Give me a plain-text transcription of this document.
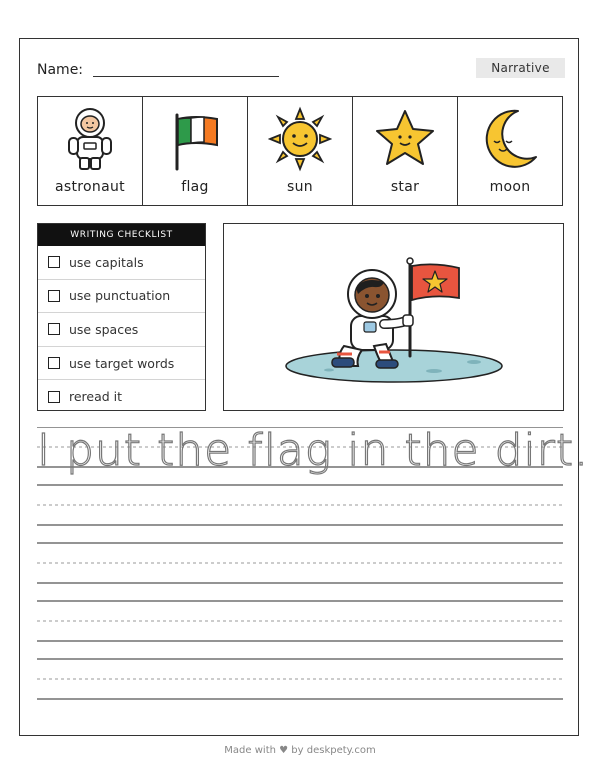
Name:	Narrative
astronaut	flag	sun	star	moon
WRITING CHECKLIST
use capitals
use punctuation
use spaces
use target words
reread it
I put the flag in the dirt.
Made with ♥ by deskpety.com
